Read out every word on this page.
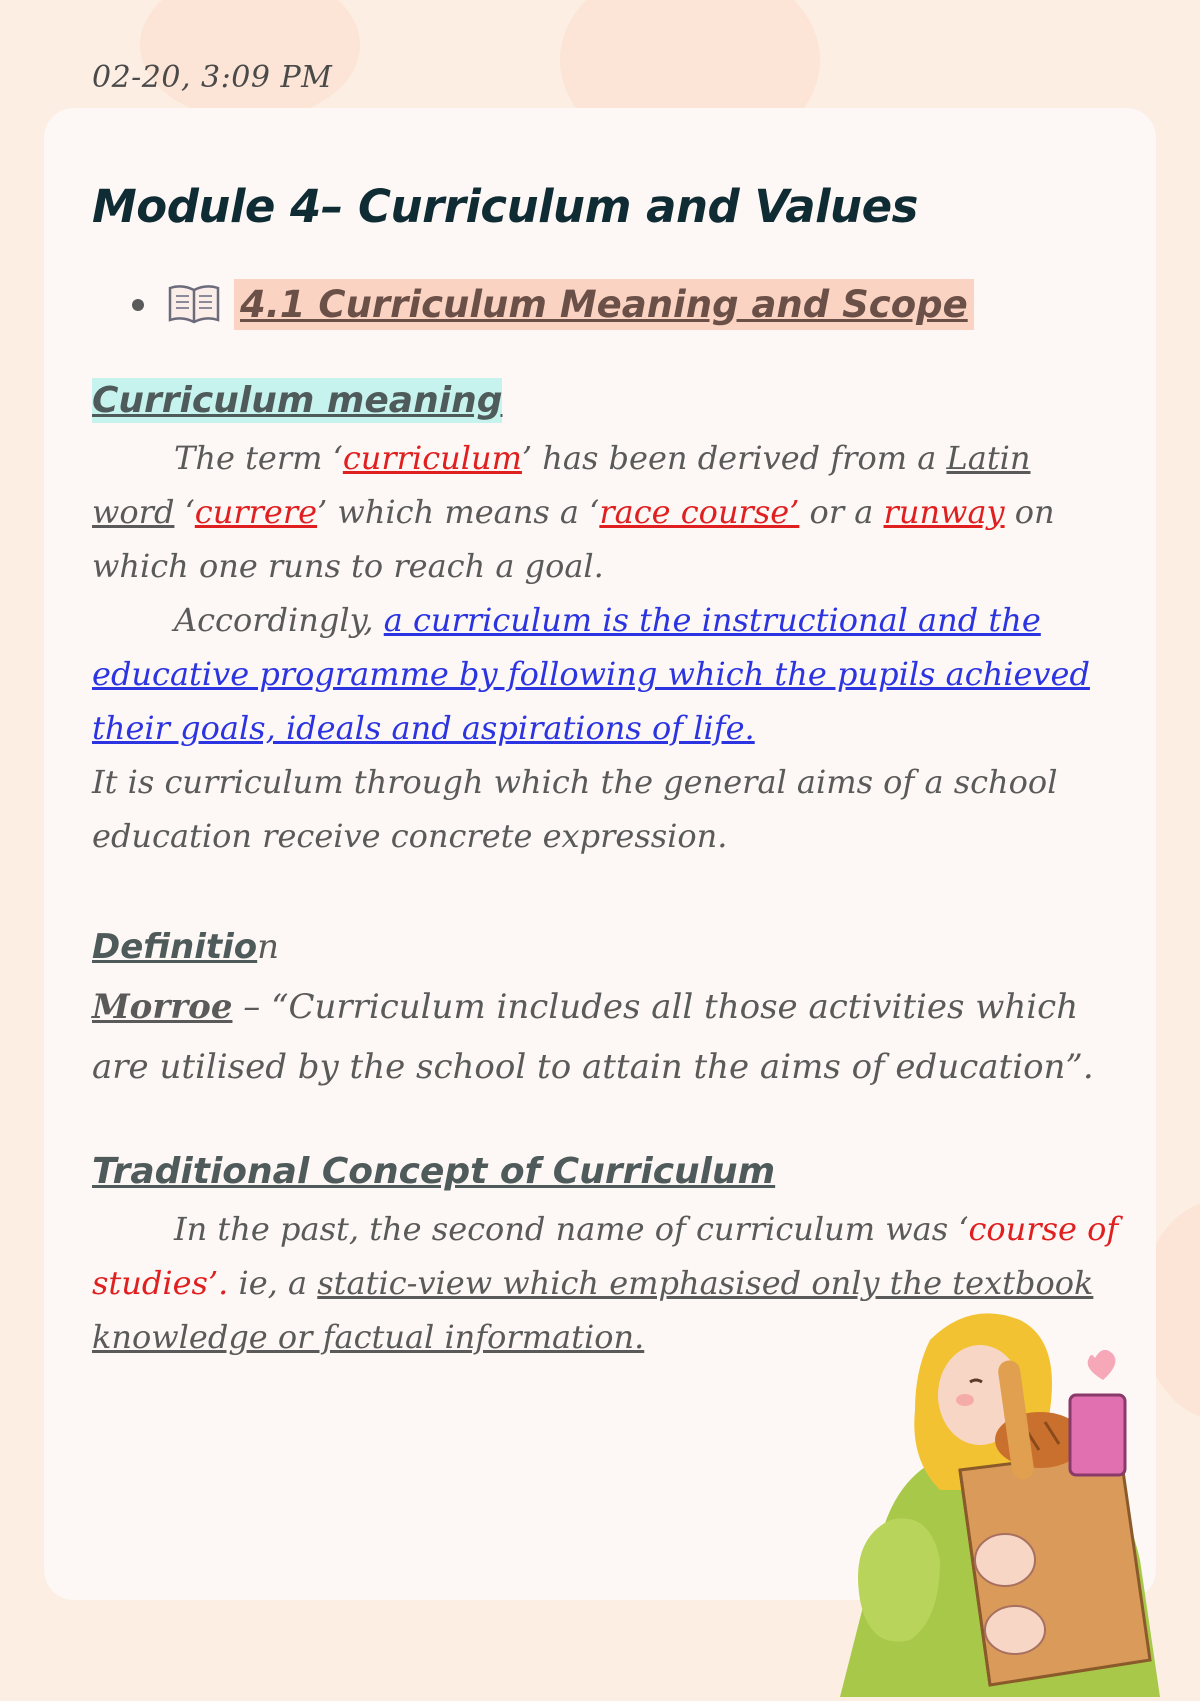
02-20, 3:09 PM
Module 4– Curriculum and Values
4.1 Curriculum Meaning and Scope
Curriculum meaning

The term ‘curriculum’ has been derived from a Latin word ‘currere’ which means a ‘race course’ or a runway on which one runs to reach a goal.

Accordingly, a curriculum is the instructional and the educative programme by following which the pupils achieved their goals, ideals and aspirations of life.

It is curriculum through which the general aims of a school education receive concrete expression.

Definition

Morroe – “Curriculum includes all those activities which are utilised by the school to attain the aims of education”.

Traditional Concept of Curriculum

In the past, the second name of curriculum was ‘course of studies’. ie, a static-view which emphasised only the textbook knowledge or factual information.
